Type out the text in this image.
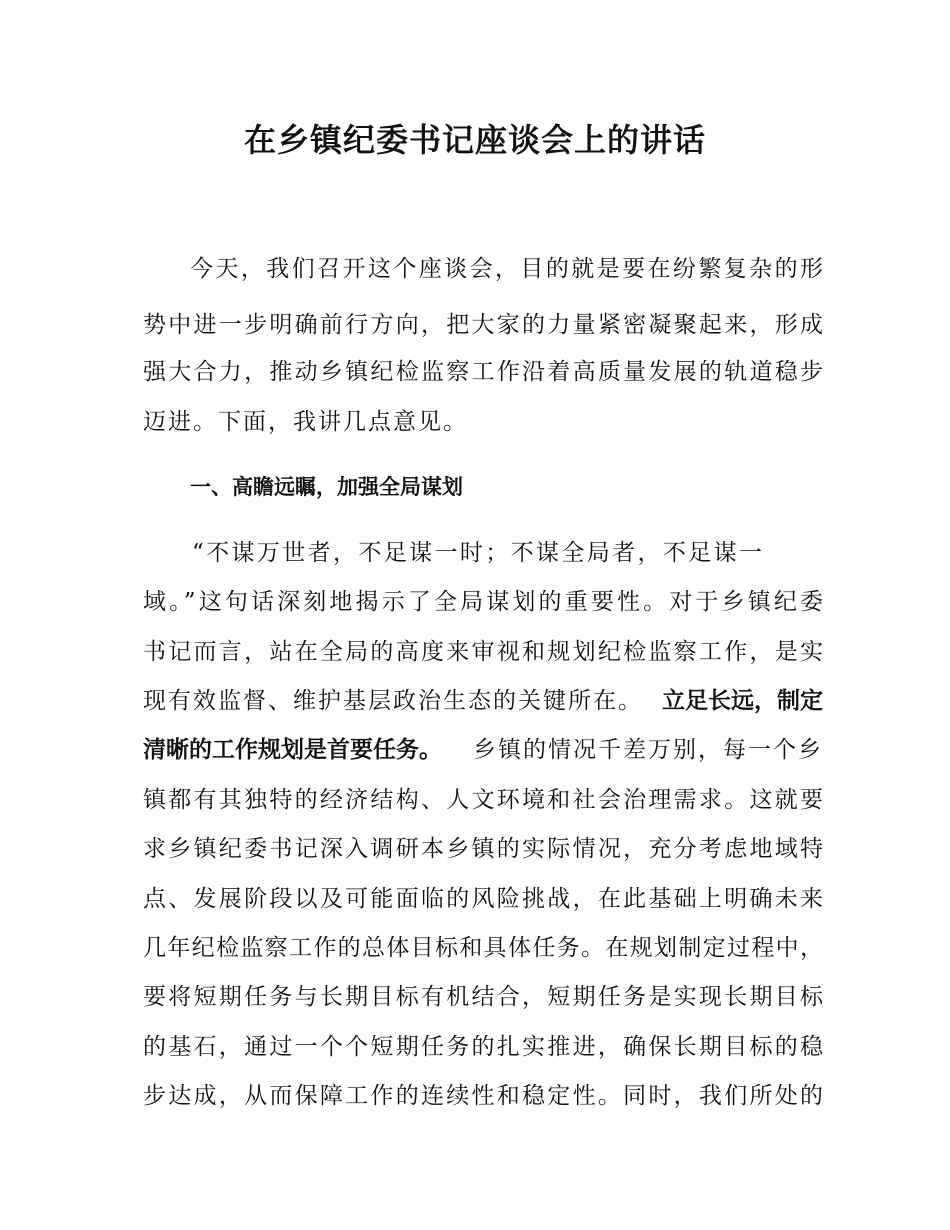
在乡镇纪委书记座谈会上的讲话
今天，我们召开这个座谈会，目的就是要在纷繁复杂的形
势中进一步明确前行方向，把大家的力量紧密凝聚起来，形成
强大合力，推动乡镇纪检监察工作沿着高质量发展的轨道稳步
迈进。下面，我讲几点意见。
一、高瞻远瞩，加强全局谋划
“不谋万世者，不足谋一时；不谋全局者，不足谋一
域。”这句话深刻地揭示了全局谋划的重要性。对于乡镇纪委
书记而言，站在全局的高度来审视和规划纪检监察工作，是实
现有效监督、维护基层政治生态的关键所在。 立足长远，制定
清晰的工作规划是首要任务。 乡镇的情况千差万别，每一个乡
镇都有其独特的经济结构、人文环境和社会治理需求。这就要
求乡镇纪委书记深入调研本乡镇的实际情况，充分考虑地域特
点、发展阶段以及可能面临的风险挑战，在此基础上明确未来
几年纪检监察工作的总体目标和具体任务。在规划制定过程中，
要将短期任务与长期目标有机结合，短期任务是实现长期目标
的基石，通过一个个短期任务的扎实推进，确保长期目标的稳
步达成，从而保障工作的连续性和稳定性。同时，我们所处的
